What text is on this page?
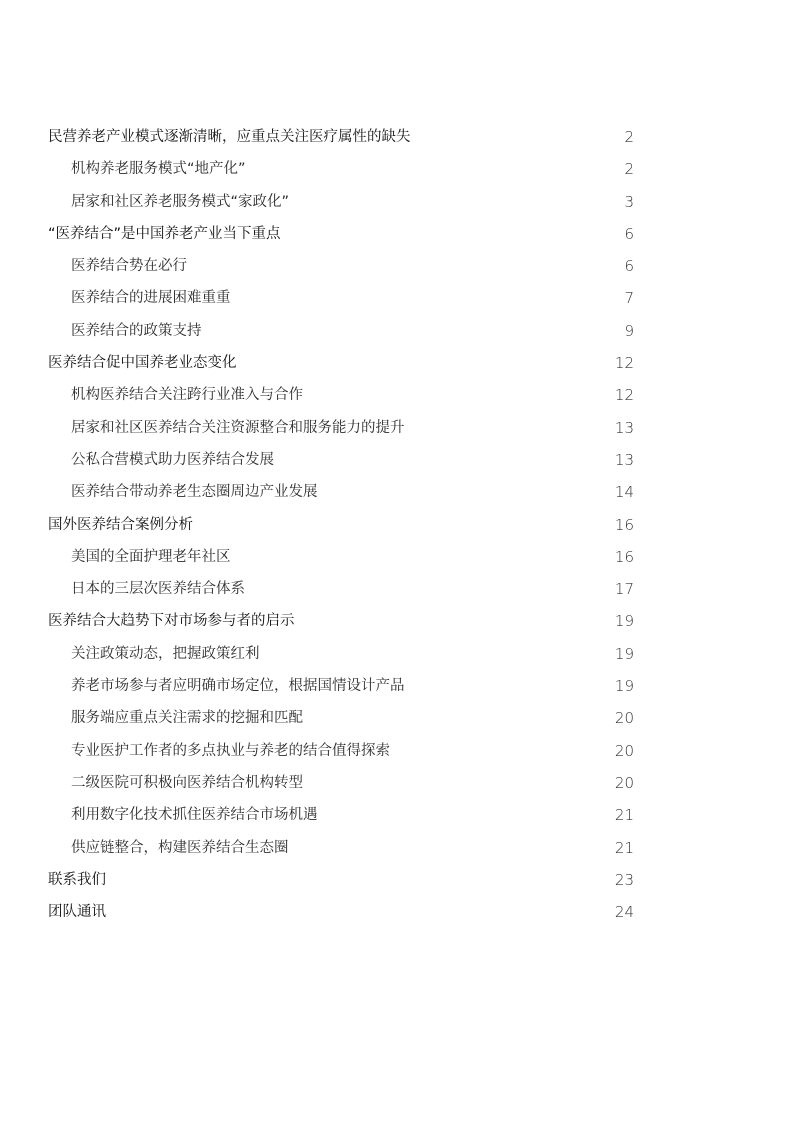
民营养老产业模式逐渐清晰，应重点关注医疗属性的缺失	2
机构养老服务模式“地产化”	2
居家和社区养老服务模式“家政化”	3
“医养结合”是中国养老产业当下重点	6
医养结合势在必行	6
医养结合的进展困难重重	7
医养结合的政策支持	9
医养结合促中国养老业态变化	12
机构医养结合关注跨行业准入与合作	12
居家和社区医养结合关注资源整合和服务能力的提升	13
公私合营模式助力医养结合发展	13
医养结合带动养老生态圈周边产业发展	14
国外医养结合案例分析	16
美国的全面护理老年社区	16
日本的三层次医养结合体系	17
医养结合大趋势下对市场参与者的启示	19
关注政策动态，把握政策红利	19
养老市场参与者应明确市场定位，根据国情设计产品	19
服务端应重点关注需求的挖掘和匹配	20
专业医护工作者的多点执业与养老的结合值得探索	20
二级医院可积极向医养结合机构转型	20
利用数字化技术抓住医养结合市场机遇	21
供应链整合，构建医养结合生态圈	21
联系我们	23
团队通讯	24
